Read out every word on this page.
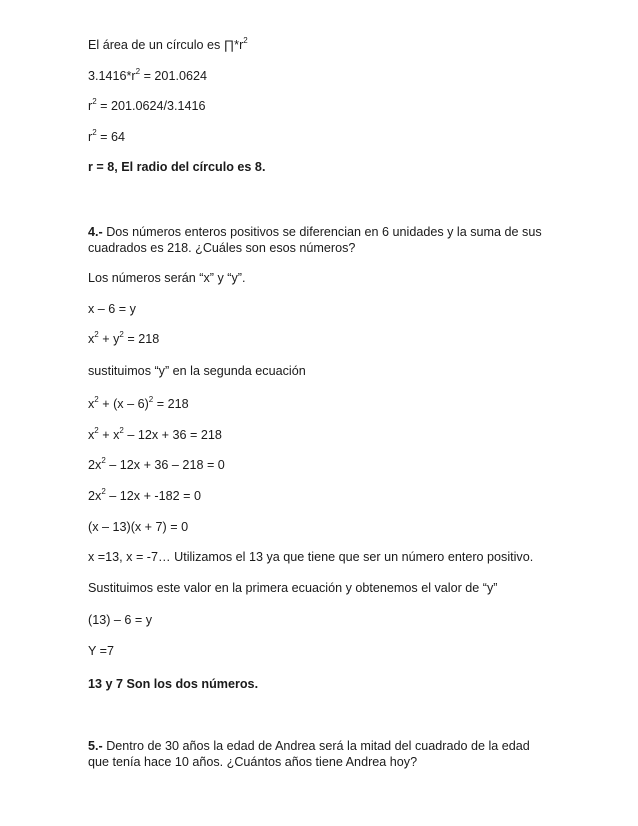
El área de un círculo es $\prod*r^2$

$3.1416*r^2 = 201.0624$

$r^2 = 201.0624/3.1416$

$r^2 = 64$

r = 8, El radio del círculo es 8.

4.- Dos números enteros positivos se diferencian en 6 unidades y la suma de sus

cuadrados es 218. ¿Cuáles son esos números?

Los números serán “x” y “y”.

x – 6 = y

$x^2 + y^2 = 218$

sustituimos “y” en la segunda ecuación

$x^2 + (x - 6)^2 = 218$

$x^2 + x^2 - 12x + 36 = 218$

$2x^2 - 12x + 36 - 218 = 0$

$2x^2 - 12x + -182 = 0$

(x – 13)(x + 7) = 0

x =13, x = -7… Utilizamos el 13 ya que tiene que ser un número entero positivo.

Sustituimos este valor en la primera ecuación y obtenemos el valor de “y”

(13) – 6 = y

Y =7

13 y 7 Son los dos números.

5.- Dentro de 30 años la edad de Andrea será la mitad del cuadrado de la edad

que tenía hace 10 años. ¿Cuántos años tiene Andrea hoy?
